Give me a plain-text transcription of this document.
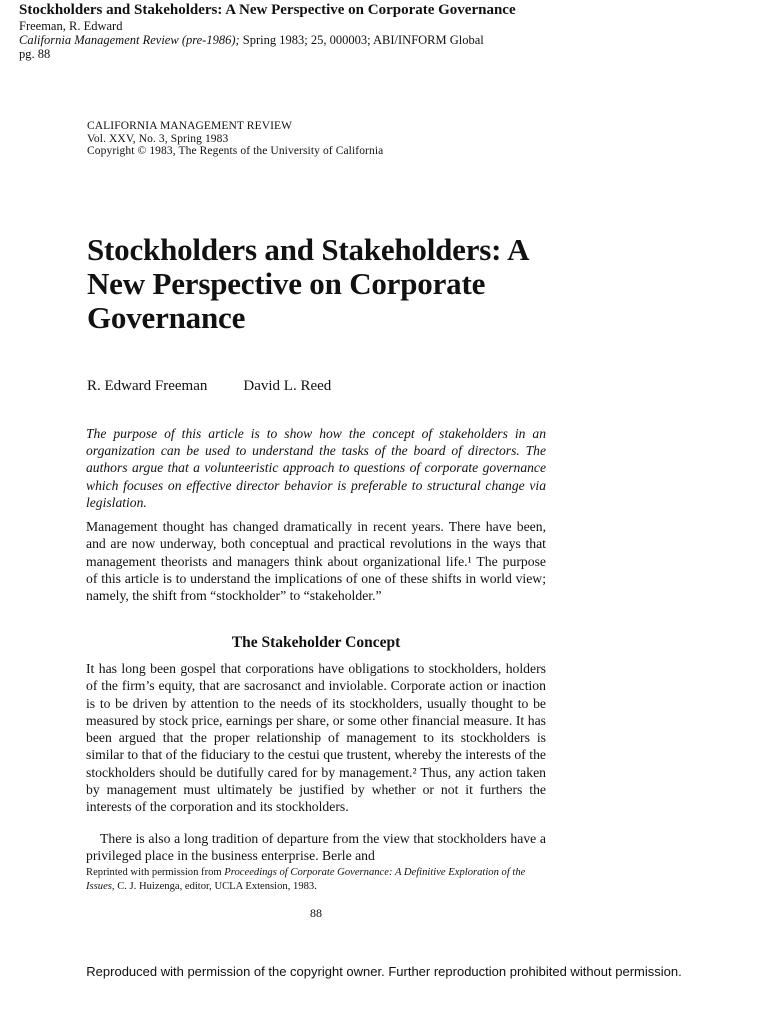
Stockholders and Stakeholders: A New Perspective on Corporate Governance
Freeman, R. Edward
California Management Review (pre-1986); Spring 1983; 25, 000003; ABI/INFORM Global
pg. 88
CALIFORNIA MANAGEMENT REVIEW
Vol. XXV, No. 3, Spring 1983
Copyright © 1983, The Regents of the University of California
Stockholders and Stakeholders: A New Perspective on Corporate Governance
R. Edward Freeman David L. Reed
The purpose of this article is to show how the concept of stakeholders in an organization can be used to understand the tasks of the board of directors. The authors argue that a volunteeristic approach to questions of corporate governance which focuses on effective director behavior is preferable to structural change via legislation.
Management thought has changed dramatically in recent years. There have been, and are now underway, both conceptual and practical revolutions in the ways that management theorists and managers think about organizational life.¹ The purpose of this article is to understand the implications of one of these shifts in world view; namely, the shift from “stockholder” to “stakeholder.”
The Stakeholder Concept
It has long been gospel that corporations have obligations to stockholders, holders of the firm’s equity, that are sacrosanct and inviolable. Corporate action or inaction is to be driven by attention to the needs of its stockholders, usually thought to be measured by stock price, earnings per share, or some other financial measure. It has been argued that the proper relationship of management to its stockholders is similar to that of the fiduciary to the cestui que trustent, whereby the interests of the stockholders should be dutifully cared for by management.² Thus, any action taken by management must ultimately be justified by whether or not it furthers the interests of the corporation and its stockholders.
There is also a long tradition of departure from the view that stockholders have a privileged place in the business enterprise. Berle and
Reprinted with permission from Proceedings of Corporate Governance: A Definitive Exploration of the Issues, C. J. Huizenga, editor, UCLA Extension, 1983.
88
Reproduced with permission of the copyright owner. Further reproduction prohibited without permission.
